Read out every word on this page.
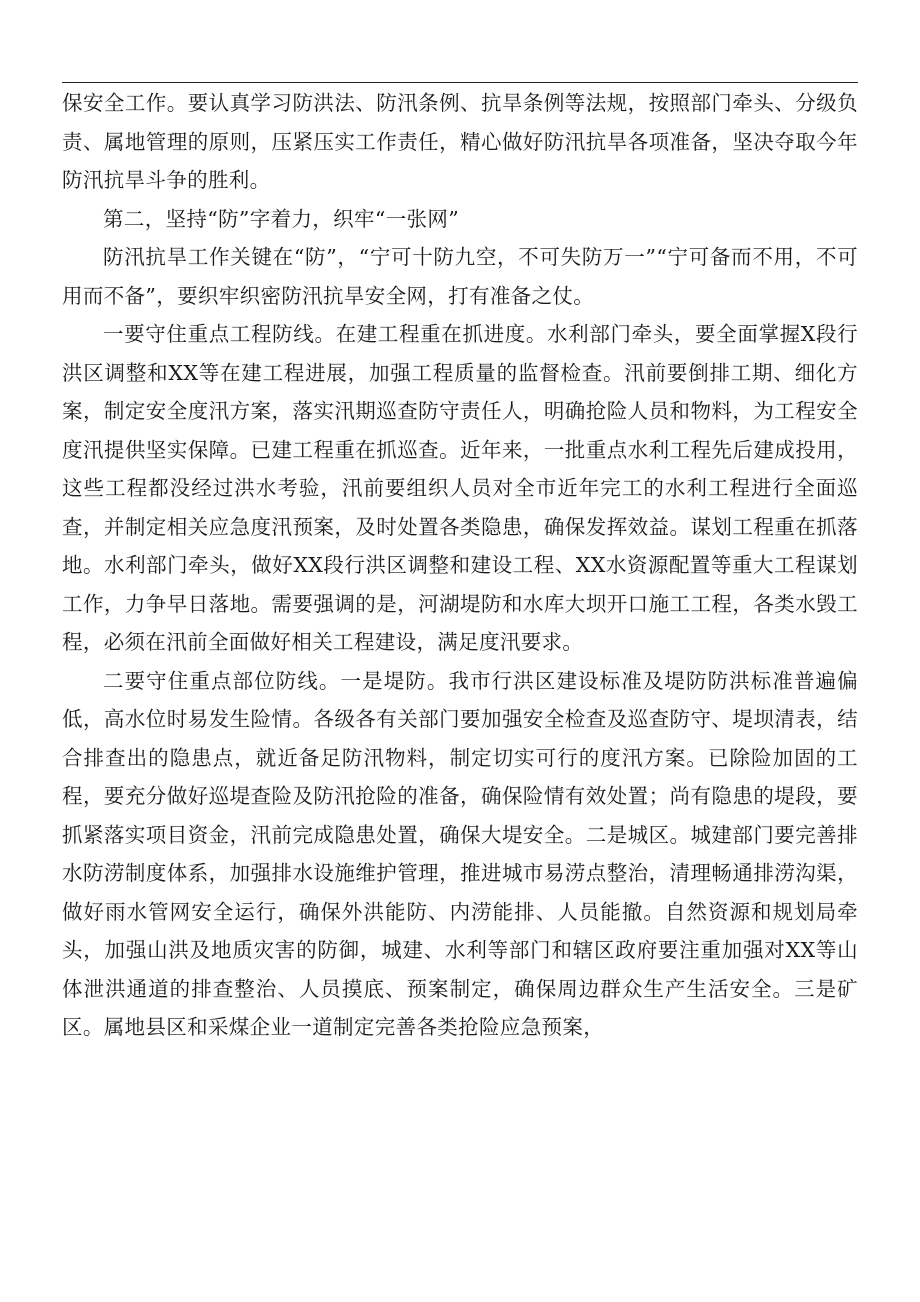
保安全工作。要认真学习防洪法、防汛条例、抗旱条例等法规，按照部门牵头、分级负责、属地管理的原则，压紧压实工作责任，精心做好防汛抗旱各项准备，坚决夺取今年防汛抗旱斗争的胜利。

第二，坚持“防”字着力，织牢“一张网”

防汛抗旱工作关键在“防”，“宁可十防九空，不可失防万一”“宁可备而不用，不可用而不备”，要织牢织密防汛抗旱安全网，打有准备之仗。

一要守住重点工程防线。在建工程重在抓进度。水利部门牵头，要全面掌握X段行洪区调整和XX等在建工程进展，加强工程质量的监督检查。汛前要倒排工期、细化方案，制定安全度汛方案，落实汛期巡查防守责任人，明确抢险人员和物料，为工程安全度汛提供坚实保障。已建工程重在抓巡查。近年来，一批重点水利工程先后建成投用，这些工程都没经过洪水考验，汛前要组织人员对全市近年完工的水利工程进行全面巡查，并制定相关应急度汛预案，及时处置各类隐患，确保发挥效益。谋划工程重在抓落地。水利部门牵头，做好XX段行洪区调整和建设工程、XX水资源配置等重大工程谋划工作，力争早日落地。需要强调的是，河湖堤防和水库大坝开口施工工程，各类水毁工程，必须在汛前全面做好相关工程建设，满足度汛要求。

二要守住重点部位防线。一是堤防。我市行洪区建设标准及堤防防洪标准普遍偏低，高水位时易发生险情。各级各有关部门要加强安全检查及巡查防守、堤坝清表，结合排查出的隐患点，就近备足防汛物料，制定切实可行的度汛方案。已除险加固的工程，要充分做好巡堤查险及防汛抢险的准备，确保险情有效处置；尚有隐患的堤段，要抓紧落实项目资金，汛前完成隐患处置，确保大堤安全。二是城区。城建部门要完善排水防涝制度体系，加强排水设施维护管理，推进城市易涝点整治，清理畅通排涝沟渠，做好雨水管网安全运行，确保外洪能防、内涝能排、人员能撤。自然资源和规划局牵头，加强山洪及地质灾害的防御，城建、水利等部门和辖区政府要注重加强对XX等山体泄洪通道的排查整治、人员摸底、预案制定，确保周边群众生产生活安全。三是矿区。属地县区和采煤企业一道制定完善各类抢险应急预案，
